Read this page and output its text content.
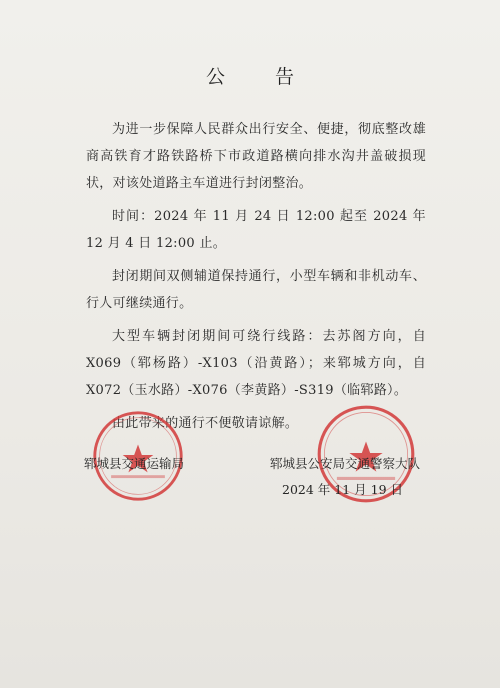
公 告

为进一步保障人民群众出行安全、便捷，彻底整改雄商高铁育才路铁路桥下市政道路横向排水沟井盖破损现状，对该处道路主车道进行封闭整治。

时间：2024 年 11 月 24 日 12:00 起至 2024 年 12 月 4 日 12:00 止。

封闭期间双侧辅道保持通行，小型车辆和非机动车、行人可继续通行。

大型车辆封闭期间可绕行线路：去苏阁方向，自 X069（郓杨路）-X103（沿黄路）；来郓城方向，自 X072（玉水路）-X076（李黄路）-S319（临郓路）。

由此带来的通行不便敬请谅解。

郓城县交通运输局	郓城县公安局交通警察大队
2024 年 11 月 19 日
